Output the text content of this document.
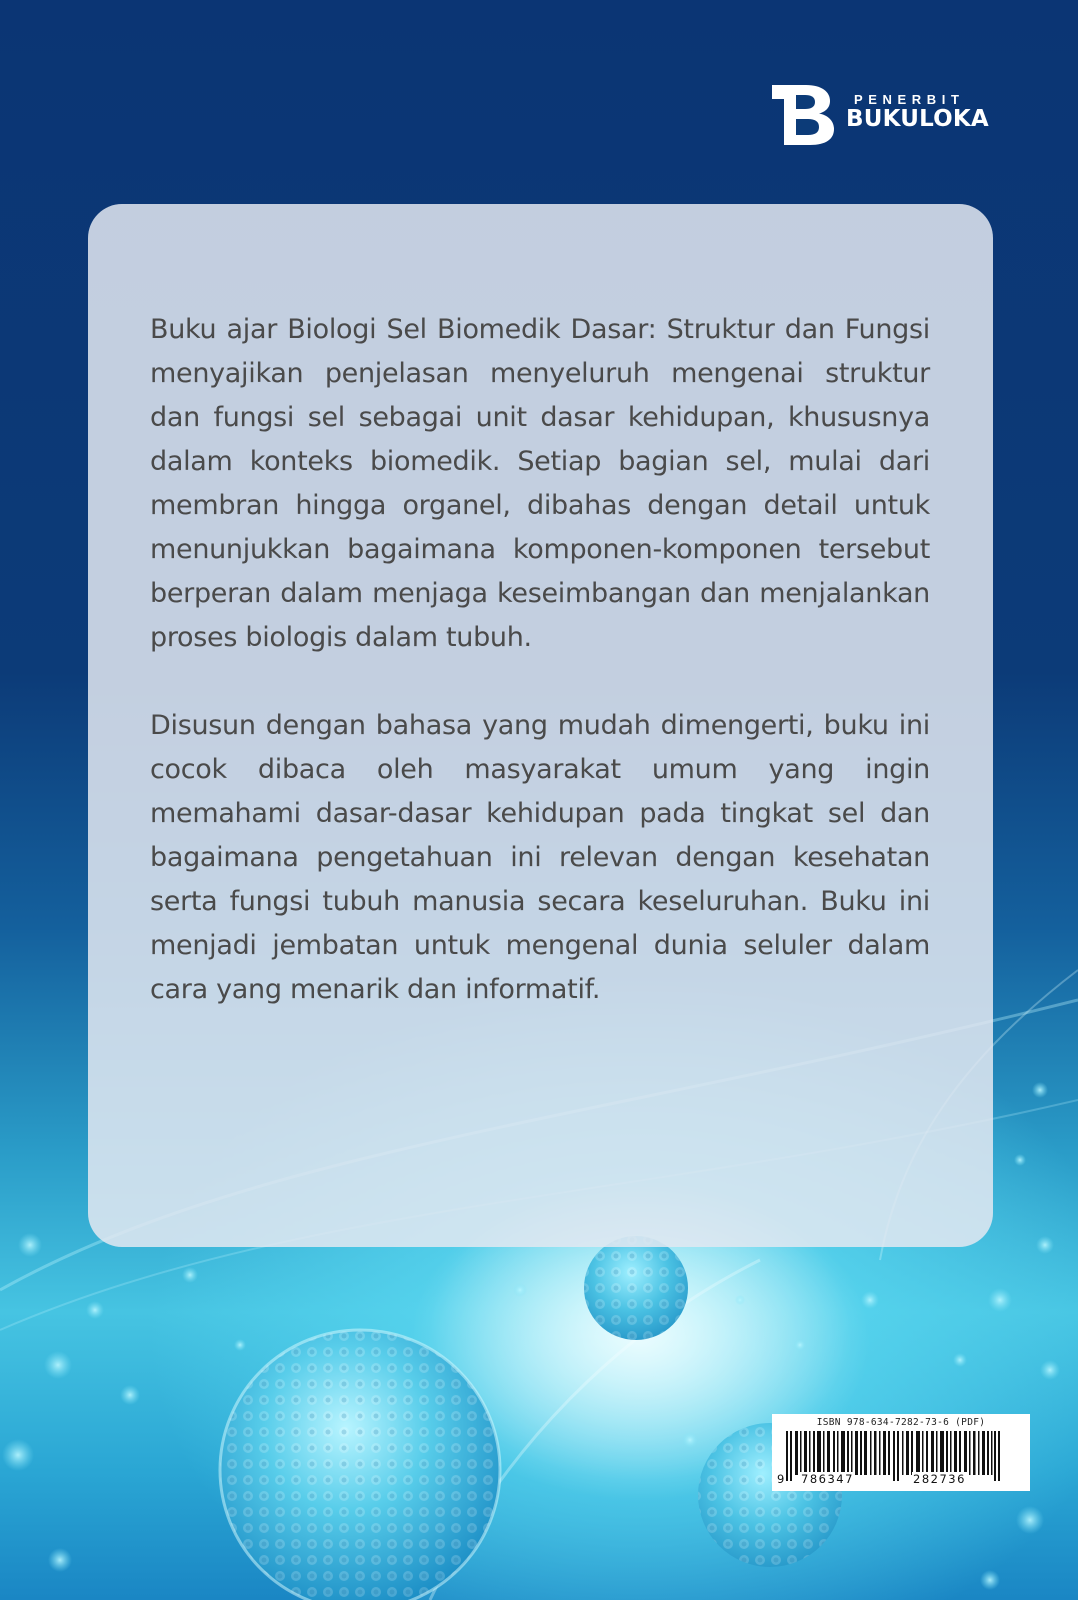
PENERBIT
BUKULOKA

Buku ajar Biologi Sel Biomedik Dasar: Struktur dan Fungsi menyajikan penjelasan menyeluruh mengenai struktur dan fungsi sel sebagai unit dasar kehidupan, khususnya dalam konteks biomedik. Setiap bagian sel, mulai dari membran hingga organel, dibahas dengan detail untuk menunjukkan bagaimana komponen-komponen tersebut berperan dalam menjaga keseimbangan dan menjalankan proses biologis dalam tubuh.

Disusun dengan bahasa yang mudah dimengerti, buku ini cocok dibaca oleh masyarakat umum yang ingin memahami dasar-dasar kehidupan pada tingkat sel dan bagaimana pengetahuan ini relevan dengan kesehatan serta fungsi tubuh manusia secara keseluruhan. Buku ini menjadi jembatan untuk mengenal dunia seluler dalam cara yang menarik dan informatif.

ISBN 978-634-7282-73-6 (PDF)
9 786347	282736
